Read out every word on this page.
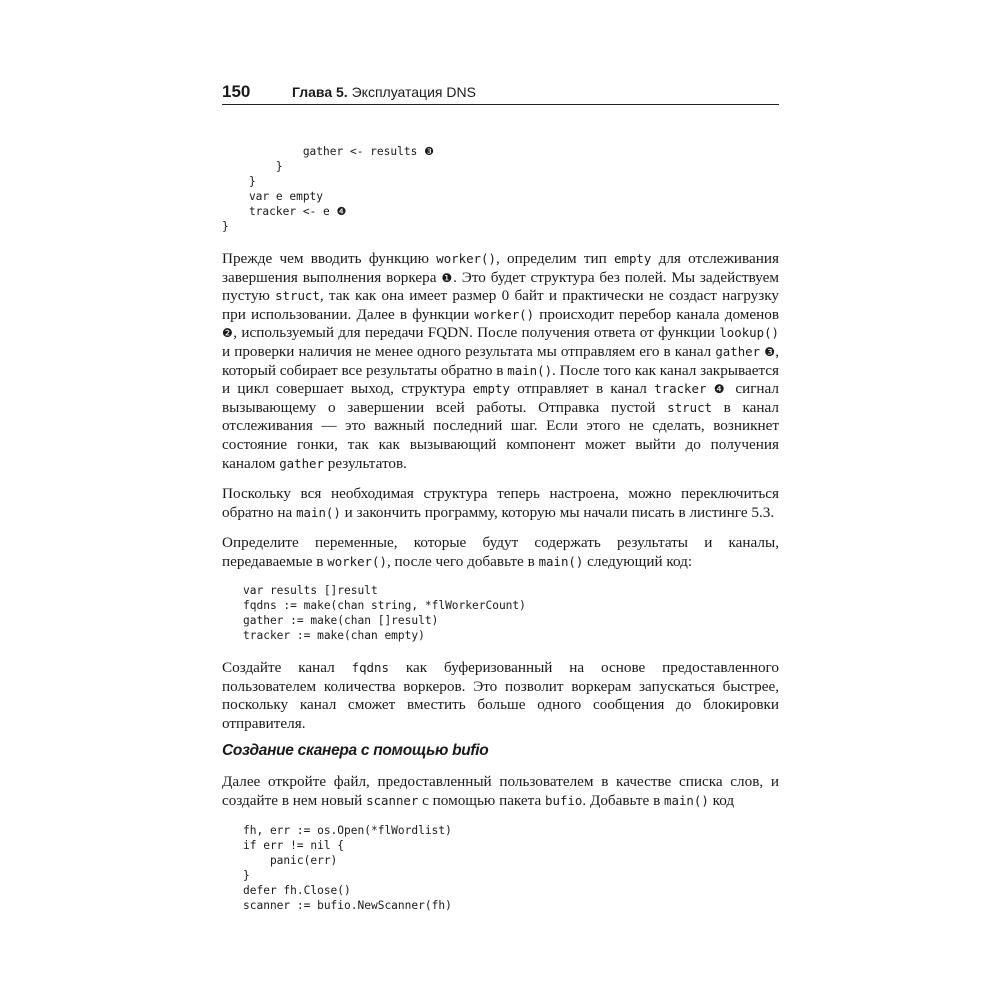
150	Глава 5. Эксплуатация DNS
gather <- results ❸
}
}
var e empty
tracker <- e ❹
}

Прежде чем вводить функцию worker(), определим тип empty для отслеживания завершения выполнения воркера ❶. Это будет структура без полей. Мы задействуем пустую struct, так как она имеет размер 0 байт и практически не создаст нагрузку при использовании. Далее в функции worker() происходит перебор канала доменов ❷, используемый для передачи FQDN. После получения ответа от функции lookup() и проверки наличия не менее одного результата мы отправляем его в канал gather ❸, который собирает все результаты обратно в main(). После того как канал закрывается и цикл совершает выход, структура empty отправляет в канал tracker ❹ сигнал вызывающему о завершении всей работы. Отправка пустой struct в канал отслеживания — это важный последний шаг. Если этого не сделать, возникнет состояние гонки, так как вызывающий компонент может выйти до получения каналом gather результатов.

Поскольку вся необходимая структура теперь настроена, можно переключиться обратно на main() и закончить программу, которую мы начали писать в листинге 5.3.

Определите переменные, которые будут содержать результаты и каналы, передаваемые в worker(), после чего добавьте в main() следующий код:

var results []result
fqdns := make(chan string, *flWorkerCount)
gather := make(chan []result)
tracker := make(chan empty)

Создайте канал fqdns как буферизованный на основе предоставленного пользователем количества воркеров. Это позволит воркерам запускаться быстрее, поскольку канал сможет вместить больше одного сообщения до блокировки отправителя.

Создание сканера с помощью bufio

Далее откройте файл, предоставленный пользователем в качестве списка слов, и создайте в нем новый scanner с помощью пакета bufio. Добавьте в main() код

fh, err := os.Open(*flWordlist)
if err != nil {
panic(err)
}
defer fh.Close()
scanner := bufio.NewScanner(fh)
